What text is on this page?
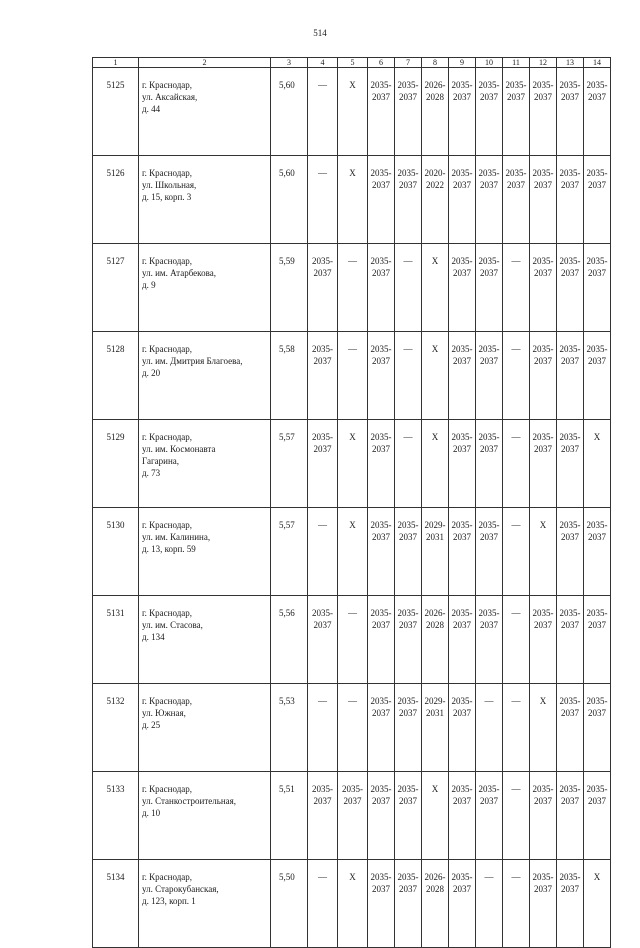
514
1	2	3	4	5	6	7	8	9	10	11	12	13	14
5125	г. Краснодар,
ул. Аксайская,
д. 44	5,60	—	Х	2035-2037	2035-2037	2026-2028	2035-2037	2035-2037	2035-2037	2035-2037	2035-2037	2035-2037
5126	г. Краснодар,
ул. Школьная,
д. 15, корп. 3	5,60	—	Х	2035-2037	2035-2037	2020-2022	2035-2037	2035-2037	2035-2037	2035-2037	2035-2037	2035-2037
5127	г. Краснодар,
ул. им. Атарбекова,
д. 9	5,59	2035-2037	—	2035-2037	—	Х	2035-2037	2035-2037	—	2035-2037	2035-2037	2035-2037
5128	г. Краснодар,
ул. им. Дмитрия Благоева,
д. 20	5,58	2035-2037	—	2035-2037	—	Х	2035-2037	2035-2037	—	2035-2037	2035-2037	2035-2037
5129	г. Краснодар,
ул. им. Космонавта
Гагарина,
д. 73	5,57	2035-2037	Х	2035-2037	—	Х	2035-2037	2035-2037	—	2035-2037	2035-2037	Х
5130	г. Краснодар,
ул. им. Калинина,
д. 13, корп. 59	5,57	—	Х	2035-2037	2035-2037	2029-2031	2035-2037	2035-2037	—	Х	2035-2037	2035-2037
5131	г. Краснодар,
ул. им. Стасова,
д. 134	5,56	2035-2037	—	2035-2037	2035-2037	2026-2028	2035-2037	2035-2037	—	2035-2037	2035-2037	2035-2037
5132	г. Краснодар,
ул. Южная,
д. 25	5,53	—	—	2035-2037	2035-2037	2029-2031	2035-2037	—	—	Х	2035-2037	2035-2037
5133	г. Краснодар,
ул. Станкостроительная,
д. 10	5,51	2035-2037	2035-2037	2035-2037	2035-2037	Х	2035-2037	2035-2037	—	2035-2037	2035-2037	2035-2037
5134	г. Краснодар,
ул. Старокубанская,
д. 123, корп. 1	5,50	—	Х	2035-2037	2035-2037	2026-2028	2035-2037	—	—	2035-2037	2035-2037	Х
